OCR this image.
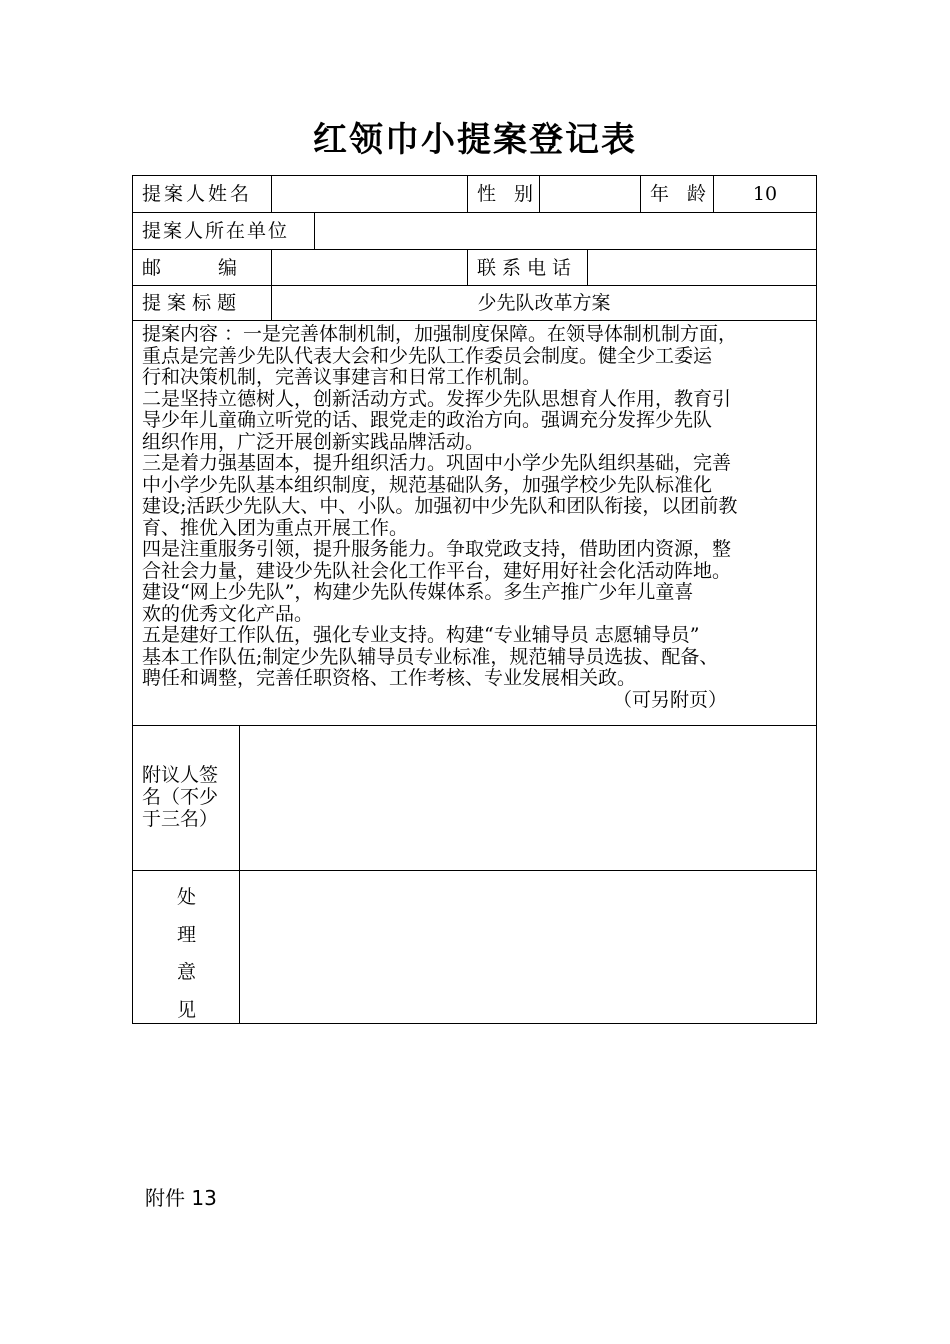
红领巾小提案登记表
提案人姓名	性 别	年 龄	10
提案人所在单位
邮　　　编	联系电话
提 案 标 题	少先队改革方案

提案内容 ：一是完善体制机制，加强制度保障。在领导体制机制方面，

重点是完善少先队代表大会和少先队工作委员会制度。健全少工委运

行和决策机制，完善议事建言和日常工作机制。

二是坚持立德树人，创新活动方式。发挥少先队思想育人作用，教育引

导少年儿童确立听党的话、跟党走的政治方向。强调充分发挥少先队

组织作用，广泛开展创新实践品牌活动。

三是着力强基固本，提升组织活力。巩固中小学少先队组织基础，完善

中小学少先队基本组织制度，规范基础队务，加强学校少先队标准化

建设;活跃少先队大、中、小队。加强初中少先队和团队衔接，以团前教

育、推优入团为重点开展工作。

四是注重服务引领，提升服务能力。争取党政支持，借助团内资源，整

合社会力量，建设少先队社会化工作平台，建好用好社会化活动阵地。

建设“网上少先队”，构建少先队传媒体系。多生产推广少年儿童喜

欢的优秀文化产品。

五是建好工作队伍，强化专业支持。构建“专业辅导员 志愿辅导员”

基本工作队伍;制定少先队辅导员专业标准，规范辅导员选拔、配备、

聘任和调整，完善任职资格、工作考核、专业发展相关政。

（可另附页）

附议人签
名（不少
于三名）
处
理
意
见
附件 13
